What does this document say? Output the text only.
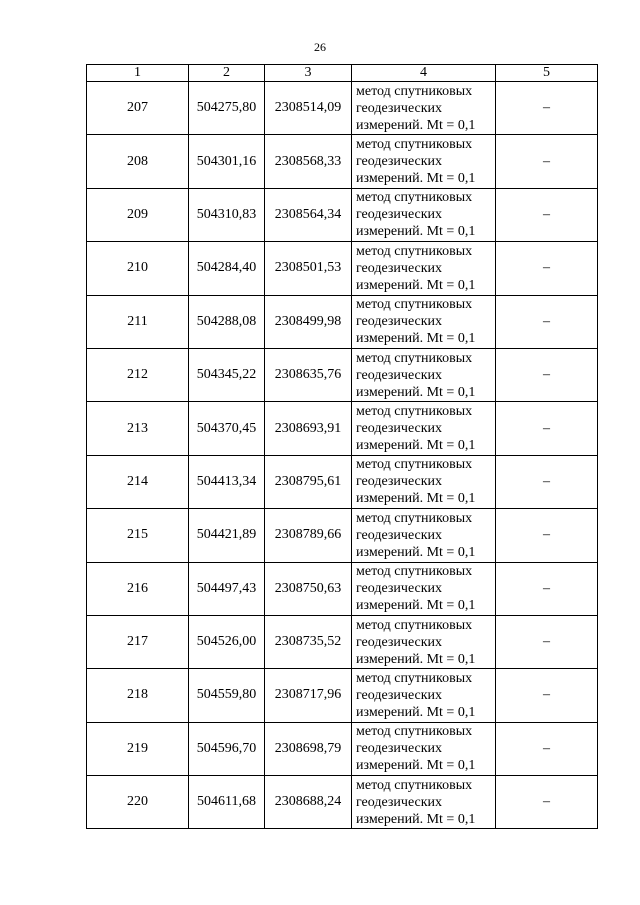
26
1	2	3	4	5
207	504275,80	2308514,09	метод спутниковых геодезических измерений. Mt = 0,1	–
208	504301,16	2308568,33	метод спутниковых геодезических измерений. Mt = 0,1	–
209	504310,83	2308564,34	метод спутниковых геодезических измерений. Mt = 0,1	–
210	504284,40	2308501,53	метод спутниковых геодезических измерений. Mt = 0,1	–
211	504288,08	2308499,98	метод спутниковых геодезических измерений. Mt = 0,1	–
212	504345,22	2308635,76	метод спутниковых геодезических измерений. Mt = 0,1	–
213	504370,45	2308693,91	метод спутниковых геодезических измерений. Mt = 0,1	–
214	504413,34	2308795,61	метод спутниковых геодезических измерений. Mt = 0,1	–
215	504421,89	2308789,66	метод спутниковых геодезических измерений. Mt = 0,1	–
216	504497,43	2308750,63	метод спутниковых геодезических измерений. Mt = 0,1	–
217	504526,00	2308735,52	метод спутниковых геодезических измерений. Mt = 0,1	–
218	504559,80	2308717,96	метод спутниковых геодезических измерений. Mt = 0,1	–
219	504596,70	2308698,79	метод спутниковых геодезических измерений. Mt = 0,1	–
220	504611,68	2308688,24	метод спутниковых геодезических измерений. Mt = 0,1	–
